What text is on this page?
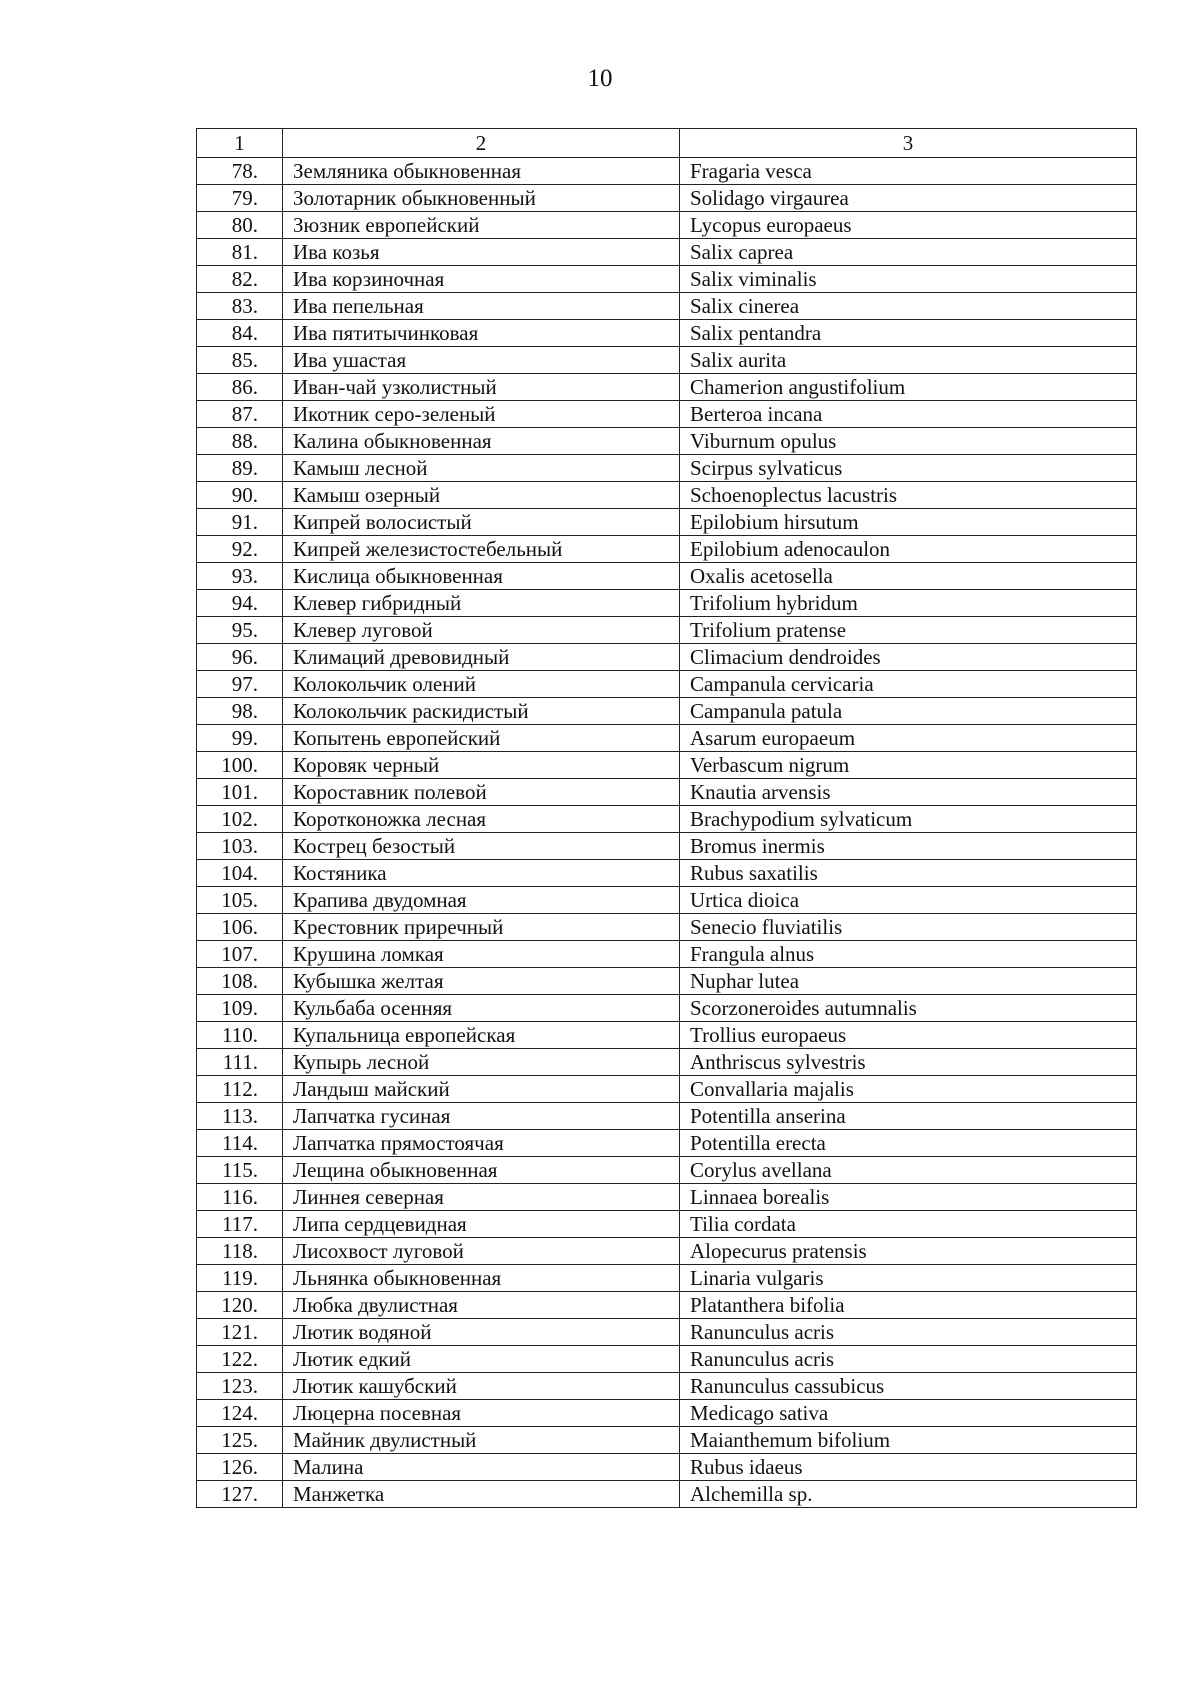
10
1	2	3
78.	Земляника обыкновенная	Fragaria vesca
79.	Золотарник обыкновенный	Solidago virgaurea
80.	Зюзник европейский	Lycopus europaeus
81.	Ива козья	Salix caprea
82.	Ива корзиночная	Salix viminalis
83.	Ива пепельная	Salix cinerea
84.	Ива пятитычинковая	Salix pentandra
85.	Ива ушастая	Salix aurita
86.	Иван-чай узколистный	Chamerion angustifolium
87.	Икотник серо-зеленый	Berteroa incana
88.	Калина обыкновенная	Viburnum opulus
89.	Камыш лесной	Scirpus sylvaticus
90.	Камыш озерный	Schoenoplectus lacustris
91.	Кипрей волосистый	Epilobium hirsutum
92.	Кипрей железистостебельный	Epilobium adenocaulon
93.	Кислица обыкновенная	Oxalis acetosella
94.	Клевер гибридный	Trifolium hybridum
95.	Клевер луговой	Trifolium pratense
96.	Климаций древовидный	Climacium dendroides
97.	Колокольчик олений	Campanula cervicaria
98.	Колокольчик раскидистый	Campanula patula
99.	Копытень европейский	Asarum europaeum
100.	Коровяк черный	Verbascum nigrum
101.	Короставник полевой	Knautia arvensis
102.	Коротконожка лесная	Brachypodium sylvaticum
103.	Кострец безостый	Bromus inermis
104.	Костяника	Rubus saxatilis
105.	Крапива двудомная	Urtica dioica
106.	Крестовник приречный	Senecio fluviatilis
107.	Крушина ломкая	Frangula alnus
108.	Кубышка желтая	Nuphar lutea
109.	Кульбаба осенняя	Scorzoneroides autumnalis
110.	Купальница европейская	Trollius europaeus
111.	Купырь лесной	Anthriscus sylvestris
112.	Ландыш майский	Convallaria majalis
113.	Лапчатка гусиная	Potentilla anserina
114.	Лапчатка прямостоячая	Potentilla erecta
115.	Лещина обыкновенная	Corylus avellana
116.	Линнея северная	Linnaea borealis
117.	Липа сердцевидная	Tilia cordata
118.	Лисохвост луговой	Alopecurus pratensis
119.	Льнянка обыкновенная	Linaria vulgaris
120.	Любка двулистная	Platanthera bifolia
121.	Лютик водяной	Ranunculus acris
122.	Лютик едкий	Ranunculus acris
123.	Лютик кашубский	Ranunculus cassubicus
124.	Люцерна посевная	Medicago sativa
125.	Майник двулистный	Maianthemum bifolium
126.	Малина	Rubus idaeus
127.	Манжетка	Alchemilla sp.
